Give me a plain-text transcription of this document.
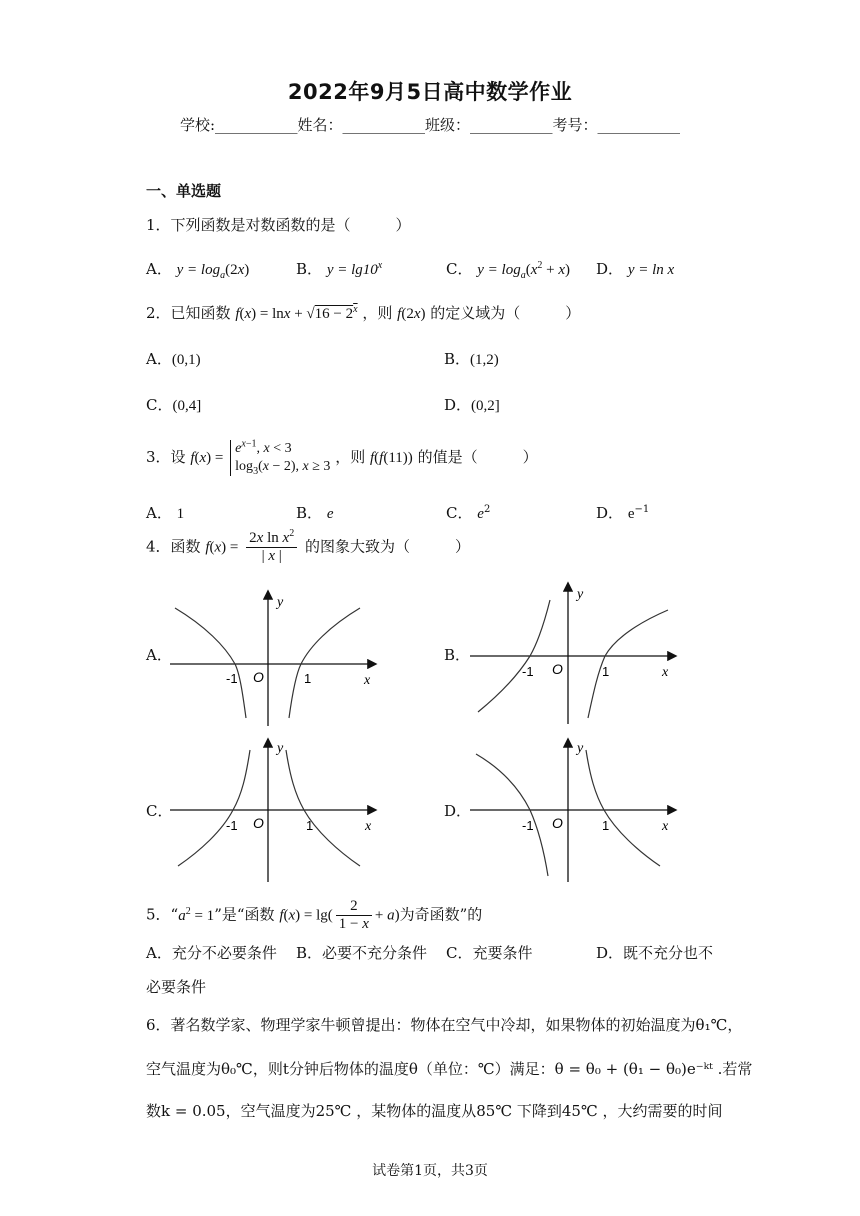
2022年9月5日高中数学作业
学校:___________姓名：___________班级：___________考号：___________
一、单选题
1．下列函数是对数函数的是（　　　）
A． $y = \log_a(2x)$	B． $y = \lg 10^x$	C． $y = \log_a(x^2 + x)$ D． y = ln x
2．已知函数 $f(x) = \ln x + √16 - 2^x$ ，则 f(2x) 的定义域为（　　　）
A．(0,1)	B．(1,2)
C．(0,4]	D．(0,2]
3．设 $f(x) = e^{x-1}$, x < 3
$\log_3(x - 2)$, x ≥ 3 ，则 f(f(11)) 的值是（　　　）
A． 1	B． e	C． $e^2$	D． $e^{-1}$
4．函数 $f(x) = \frac{2x \ln x^2}{| x |}$ 的图象大致为（　　　）
A．	B．
C．	D．
-1 O	1	x
y
-1 O	1	x
y
-1 O	1	x
y
-1 O	1	x
y
5．“$a^2 = 1$”是“函数 $f(x) = \lg( \frac{2}{1 - x} + a)$为奇函数”的
A．充分不必要条件 B．必要不充分条件 C．充要条件	D．既不充分也不
必要条件
6．著名数学家、物理学家牛顿曾提出：物体在空气中冷却，如果物体的初始温度为θ₁℃，
空气温度为θ₀℃，则t分钟后物体的温度θ（单位：℃）满足：θ = θ₀ + (θ₁ − θ₀)e⁻ᵏᵗ .若常
数k = 0.05，空气温度为25℃ ，某物体的温度从85℃ 下降到45℃ ，大约需要的时间
试卷第1页，共3页
